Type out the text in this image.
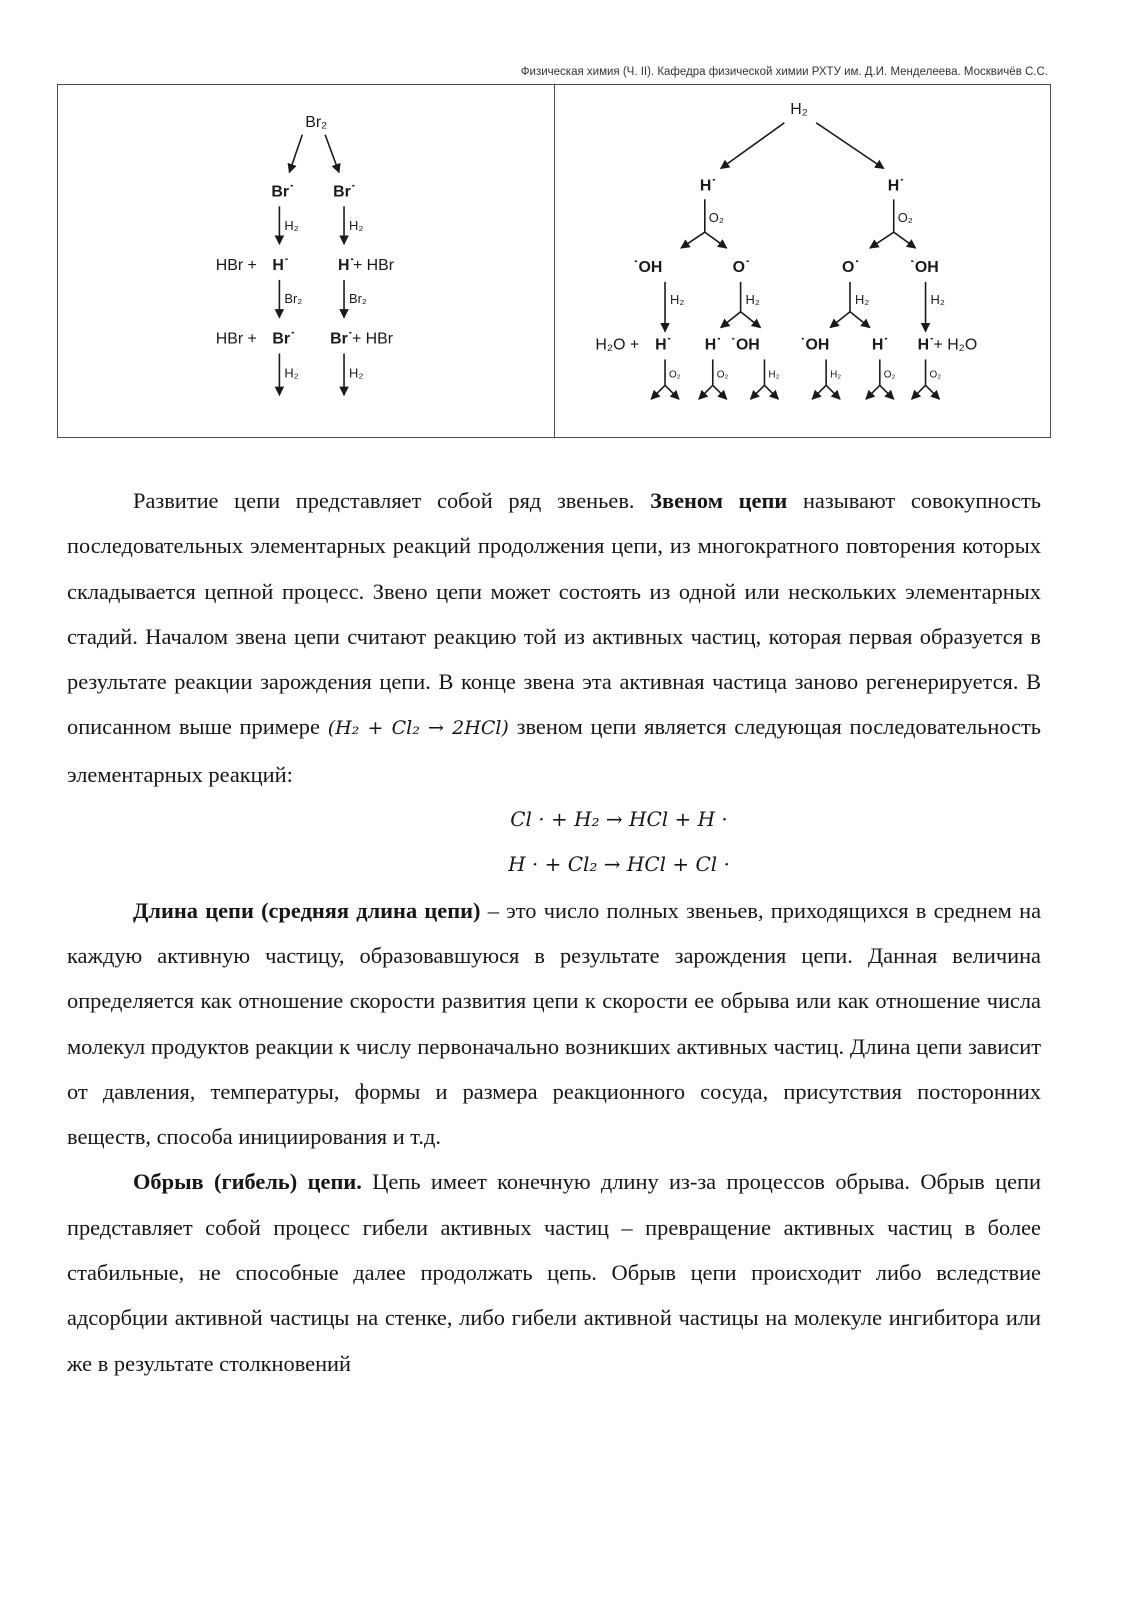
Физическая химия (Ч. II). Кафедра физической химии РХТУ им. Д.И. Менделеева. Москвичёв С.С.
Br₂
Br˙ Br˙
H₂	H₂
HBr + H˙	H˙
+ HBr
Br₂	Br₂
HBr + Br˙ Br˙
+ HBr
H₂	H₂
H₂
H˙	H˙
O₂	O₂
˙OH	O˙	O˙	˙OH
H₂	H₂	H₂	H₂
H₂O + H˙ H˙ ˙OH	˙OH	H˙ H˙ + H₂O
O₂	O₂	H₂	H₂	O₂	O₂

Развитие цепи представляет собой ряд звеньев. Звеном цепи называют совокупность последовательных элементарных реакций продолжения цепи, из многократного повторения которых складывается цепной процесс. Звено цепи может состоять из одной или нескольких элементарных стадий. Началом звена цепи считают реакцию той из активных частиц, которая первая образуется в результате реакции зарождения цепи. В конце звена эта активная частица заново регенерируется. В описанном выше примере (H₂ + Cl₂ → 2HCl) звеном цепи является следующая последовательность элементарных реакций:

Cl · + H₂ → HCl + H ·
H · + Cl₂ → HCl + Cl ·

Длина цепи (средняя длина цепи) – это число полных звеньев, приходящихся в среднем на каждую активную частицу, образовавшуюся в результате зарождения цепи. Данная величина определяется как отношение скорости развития цепи к скорости ее обрыва или как отношение числа молекул продуктов реакции к числу первоначально возникших активных частиц. Длина цепи зависит от давления, температуры, формы и размера реакционного сосуда, присутствия посторонних веществ, способа инициирования и т.д.

Обрыв (гибель) цепи. Цепь имеет конечную длину из-за процессов обрыва. Обрыв цепи представляет собой процесс гибели активных частиц – превращение активных частиц в более стабильные, не способные далее продолжать цепь. Обрыв цепи происходит либо вследствие адсорбции активной частицы на стенке, либо гибели активной частицы на молекуле ингибитора или же в результате столкновений
